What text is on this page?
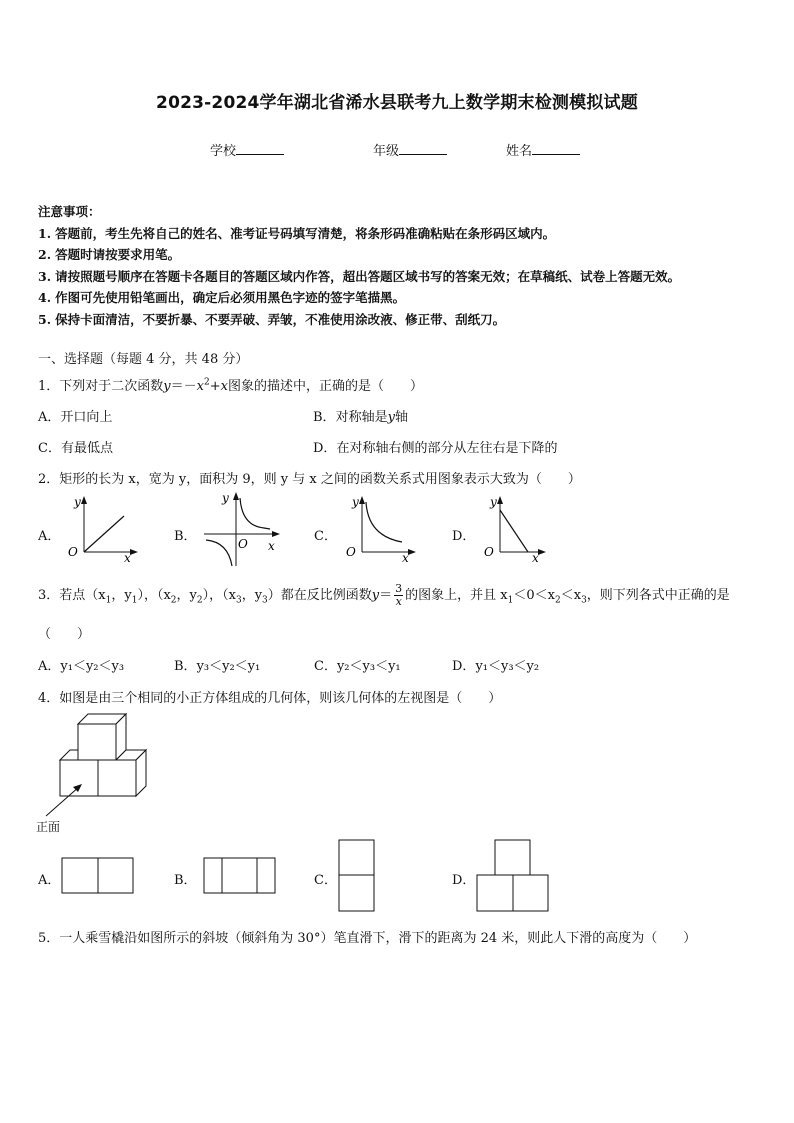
2023-2024学年湖北省浠水县联考九上数学期末检测模拟试题
学校	年级	姓名
注意事项：
1. 答题前，考生先将自己的姓名、准考证号码填写清楚，将条形码准确粘贴在条形码区域内。
2. 答题时请按要求用笔。
3. 请按照题号顺序在答题卡各题目的答题区域内作答，超出答题区域书写的答案无效；在草稿纸、试卷上答题无效。
4. 作图可先使用铅笔画出，确定后必须用黑色字迹的签字笔描黑。
5. 保持卡面清洁，不要折暴、不要弄破、弄皱，不准使用涂改液、修正带、刮纸刀。
一、选择题（每题 4 分，共 48 分）
1．下列对于二次函数$y=-x^2+x$图象的描述中，正确的是（　　）
A．开口向上	B．对称轴是y轴
C．有最低点	D．在对称轴右侧的部分从左往右是下降的
2．矩形的长为 x，宽为 y，面积为 9，则 y 与 x 之间的函数关系式用图象表示大致为（　　）
A．
y
x
O
B．
y
x
O	C．
y
x
O
D．
y
x
O
3．若点（$x_1$，$y_1$），（$x_2$，$y_2$），（$x_3$，$y_3$）都在反比例函数$y= \frac{3}{x}$ 的图象上，并且 $x_1<0<x_2<x_3$，则下列各式中正确的是
（　　）
A．y₁＜y₂＜y₃	B．y₃＜y₂＜y₁	C．y₂＜y₃＜y₁	D．y₁＜y₃＜y₂
4．如图是由三个相同的小正方体组成的几何体，则该几何体的左视图是（　　）
正面
A．	B．	C．	D．
5．一人乘雪橇沿如图所示的斜坡（倾斜角为 30°）笔直滑下，滑下的距离为 24 米，则此人下滑的高度为（　　）
